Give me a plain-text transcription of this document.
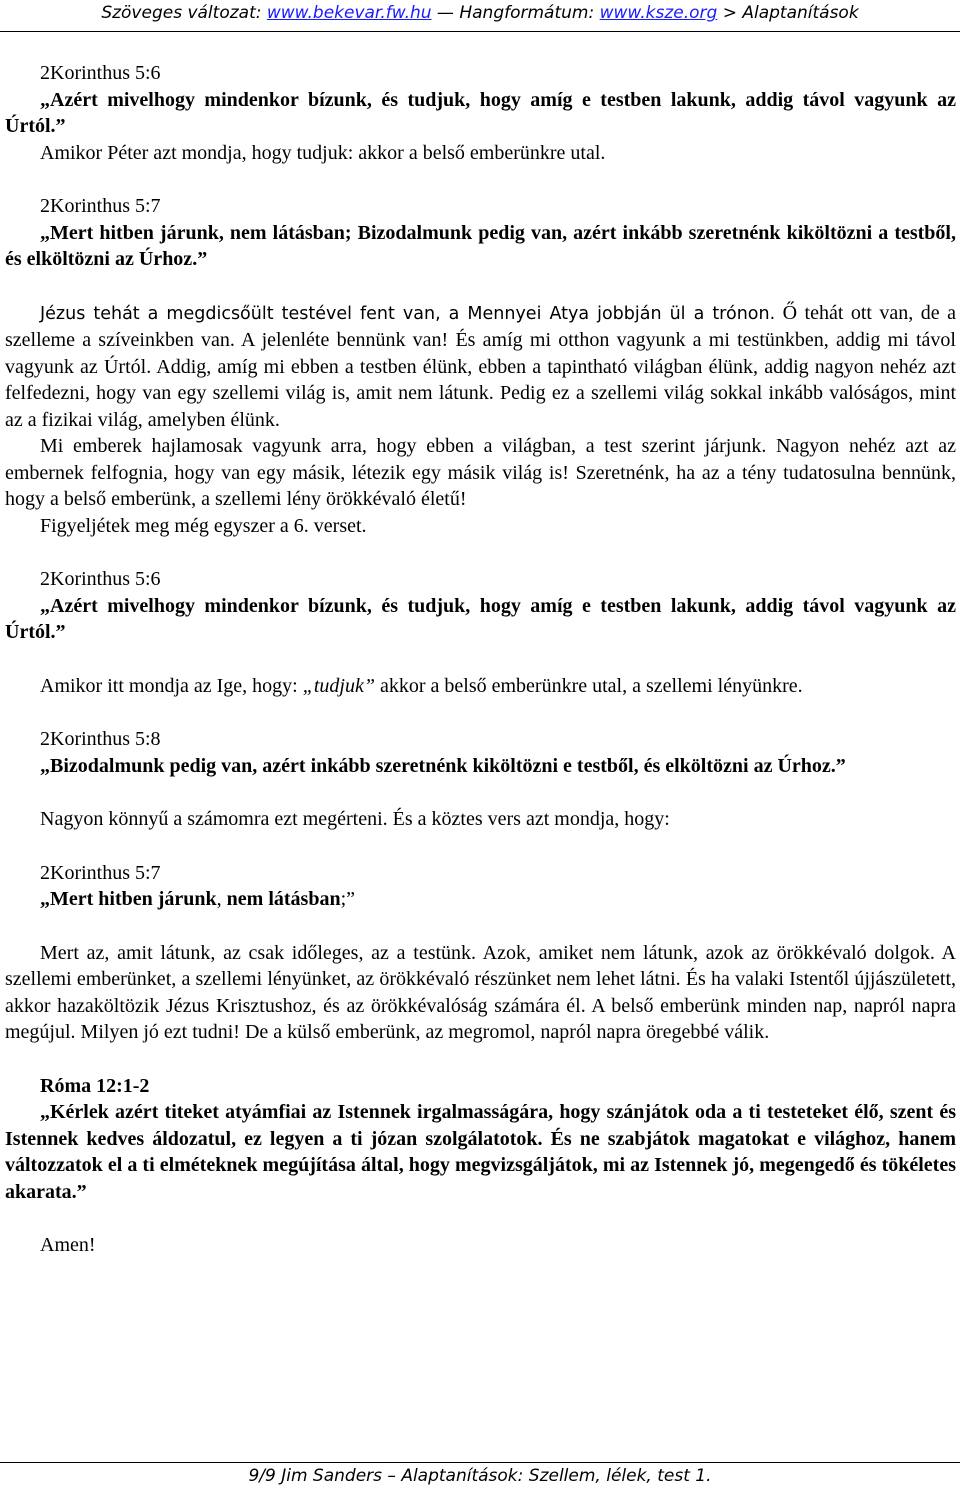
Szöveges változat: www.bekevar.fw.hu — Hangformátum: www.ksze.org > Alaptanítások

2Korinthus 5:6

„Azért mivelhogy mindenkor bízunk, és tudjuk, hogy amíg e testben lakunk, addig távol vagyunk az Úrtól.”

Amikor Péter azt mondja, hogy tudjuk: akkor a belső emberünkre utal.

2Korinthus 5:7

„Mert hitben járunk, nem látásban; Bizodalmunk pedig van, azért inkább szeretnénk kiköltözni a testből, és elköltözni az Úrhoz.”

Jézus tehát a megdicsőült testével fent van, a Mennyei Atya jobbján ül a trónon. Ő tehát ott van, de a szelleme a szíveinkben van. A jelenléte bennünk van! És amíg mi otthon vagyunk a mi testünkben, addig mi távol vagyunk az Úrtól. Addig, amíg mi ebben a testben élünk, ebben a tapintható világban élünk, addig nagyon nehéz azt felfedezni, hogy van egy szellemi világ is, amit nem látunk. Pedig ez a szellemi világ sokkal inkább valóságos, mint az a fizikai világ, amelyben élünk.

Mi emberek hajlamosak vagyunk arra, hogy ebben a világban, a test szerint járjunk. Nagyon nehéz azt az embernek felfognia, hogy van egy másik, létezik egy másik világ is! Szeretnénk, ha az a tény tudatosulna bennünk, hogy a belső emberünk, a szellemi lény örökkévaló életű!

Figyeljétek meg még egyszer a 6. verset.

2Korinthus 5:6

„Azért mivelhogy mindenkor bízunk, és tudjuk, hogy amíg e testben lakunk, addig távol vagyunk az Úrtól.”

Amikor itt mondja az Ige, hogy: „tudjuk” akkor a belső emberünkre utal, a szellemi lényünkre.

2Korinthus 5:8

„Bizodalmunk pedig van, azért inkább szeretnénk kiköltözni e testből, és elköltözni az Úrhoz.”

Nagyon könnyű a számomra ezt megérteni. És a köztes vers azt mondja, hogy:

2Korinthus 5:7

„Mert hitben járunk, nem látásban;”

Mert az, amit látunk, az csak időleges, az a testünk. Azok, amiket nem látunk, azok az örökkévaló dolgok. A szellemi emberünket, a szellemi lényünket, az örökkévaló részünket nem lehet látni. És ha valaki Istentől újjászületett, akkor hazaköltözik Jézus Krisztushoz, és az örökkévalóság számára él. A belső emberünk minden nap, napról napra megújul. Milyen jó ezt tudni! De a külső emberünk, az megromol, napról napra öregebbé válik.

Róma 12:1-2

„Kérlek azért titeket atyámfiai az Istennek irgalmasságára, hogy szánjátok oda a ti testeteket élő, szent és Istennek kedves áldozatul, ez legyen a ti józan szolgálatotok. És ne szabjátok magatokat e világhoz, hanem változzatok el a ti elméteknek megújítása által, hogy megvizsgáljátok, mi az Istennek jó, megengedő és tökéletes akarata.”

Amen!

9/9 Jim Sanders – Alaptanítások: Szellem, lélek, test 1.
